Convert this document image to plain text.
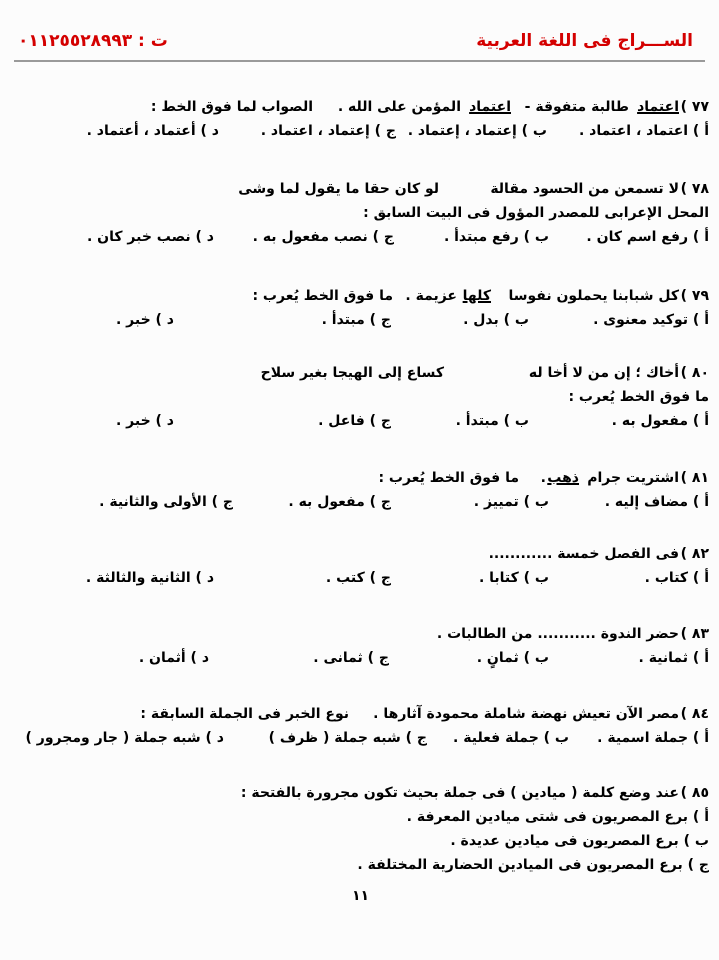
الســـراج فى اللغة العربية
ت : ٠١١٢٥٥٢٨٩٩٣
٧٧ )
اعتماد
طالبة متفوقة -
اعتماد
المؤمن على الله .
الصواب لما فوق الخط :
أ ) اعتماد ، اعتماد .
ب ) إعتماد ، إعتماد .
ج ) إعتماد ، اعتماد .
د ) أعتماد ، أعتماد .
٧٨ )
لا تسمعن من الحسود مقالة
لو كان حقا ما يقول لما وشى
المحل الإعرابى للمصدر المؤول فى البيت السابق :
أ ) رفع اسم كان .
ب ) رفع مبتدأ .
ج ) نصب مفعول به .
د ) نصب خبر كان .
٧٩ )
كل شبابنا يحملون نفوسا
كلها
عزيمة .
ما فوق الخط يُعرب :
أ ) توكيد معنوى .
ب ) بدل .
ج ) مبتدأ .
د ) خبر .
٨٠ )
أخاك ؛ إن من لا أخا له
كساع إلى الهيجا بغير سلاح
ما فوق الخط يُعرب :
أ ) مفعول به .
ب ) مبتدأ .
ج ) فاعل .
د ) خبر .
٨١ )
اشتريت جرام
ذهب
.
ما فوق الخط يُعرب :
أ ) مضاف إليه .
ب ) تمييز .
ج ) مفعول به .
ج ) الأولى والثانية .
٨٢ )
فى الفصل خمسة ............
أ ) كتاب .
ب ) كتابا .
ج ) كتب .
د ) الثانية والثالثة .
٨٣ )
حضر الندوة ........... من الطالبات .
أ ) ثمانية .
ب ) ثمانٍ .
ج ) ثمانى .
د ) أثمان .
٨٤ )
مصر الآن تعيش نهضة شاملة محمودة آثارها .
نوع الخبر فى الجملة السابقة :
أ ) جملة اسمية .
ب ) جملة فعلية .
ج ) شبه جملة ( ظرف )
د ) شبه جملة ( جار ومجرور )
٨٥ )
عند وضع كلمة ( ميادين ) فى جملة بحيث تكون مجرورة بالفتحة :
أ ) برع المصريون فى شتى ميادين المعرفة .
ب ) برع المصريون فى ميادين عديدة .
ج ) برع المصريون فى الميادين الحضارية المختلفة .
١١
